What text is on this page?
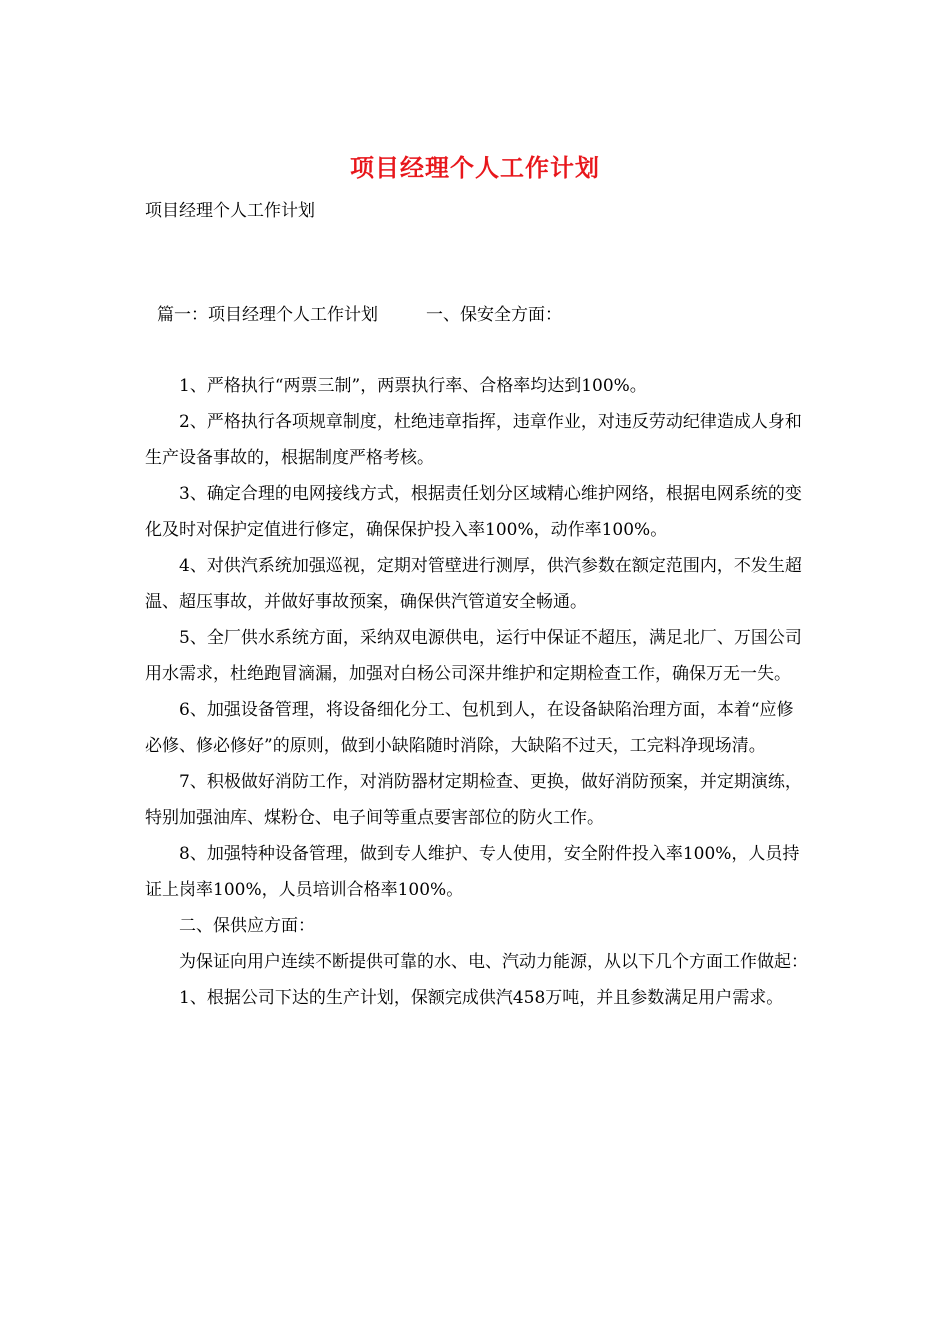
项目经理个人工作计划
项目经理个人工作计划
篇一：项目经理个人工作计划	一、保安全方面：

1、严格执行“两票三制”，两票执行率、合格率均达到100%。

2、严格执行各项规章制度，杜绝违章指挥，违章作业，对违反劳动纪律造成人身和生产设备事故的，根据制度严格考核。

3、确定合理的电网接线方式，根据责任划分区域精心维护网络，根据电网系统的变化及时对保护定值进行修定，确保保护投入率100%，动作率100%。

4、对供汽系统加强巡视，定期对管壁进行测厚，供汽参数在额定范围内，不发生超温、超压事故，并做好事故预案，确保供汽管道安全畅通。

5、全厂供水系统方面，采纳双电源供电，运行中保证不超压，满足北厂、万国公司用水需求，杜绝跑冒滴漏，加强对白杨公司深井维护和定期检查工作，确保万无一失。

6、加强设备管理，将设备细化分工、包机到人，在设备缺陷治理方面，本着“应修必修、修必修好”的原则，做到小缺陷随时消除，大缺陷不过天，工完料净现场清。

7、积极做好消防工作，对消防器材定期检查、更换，做好消防预案，并定期演练，特别加强油库、煤粉仓、电子间等重点要害部位的防火工作。

8、加强特种设备管理，做到专人维护、专人使用，安全附件投入率100%，人员持证上岗率100%，人员培训合格率100%。

二、保供应方面：

为保证向用户连续不断提供可靠的水、电、汽动力能源，从以下几个方面工作做起：

1、根据公司下达的生产计划，保额完成供汽458万吨，并且参数满足用户需求。
